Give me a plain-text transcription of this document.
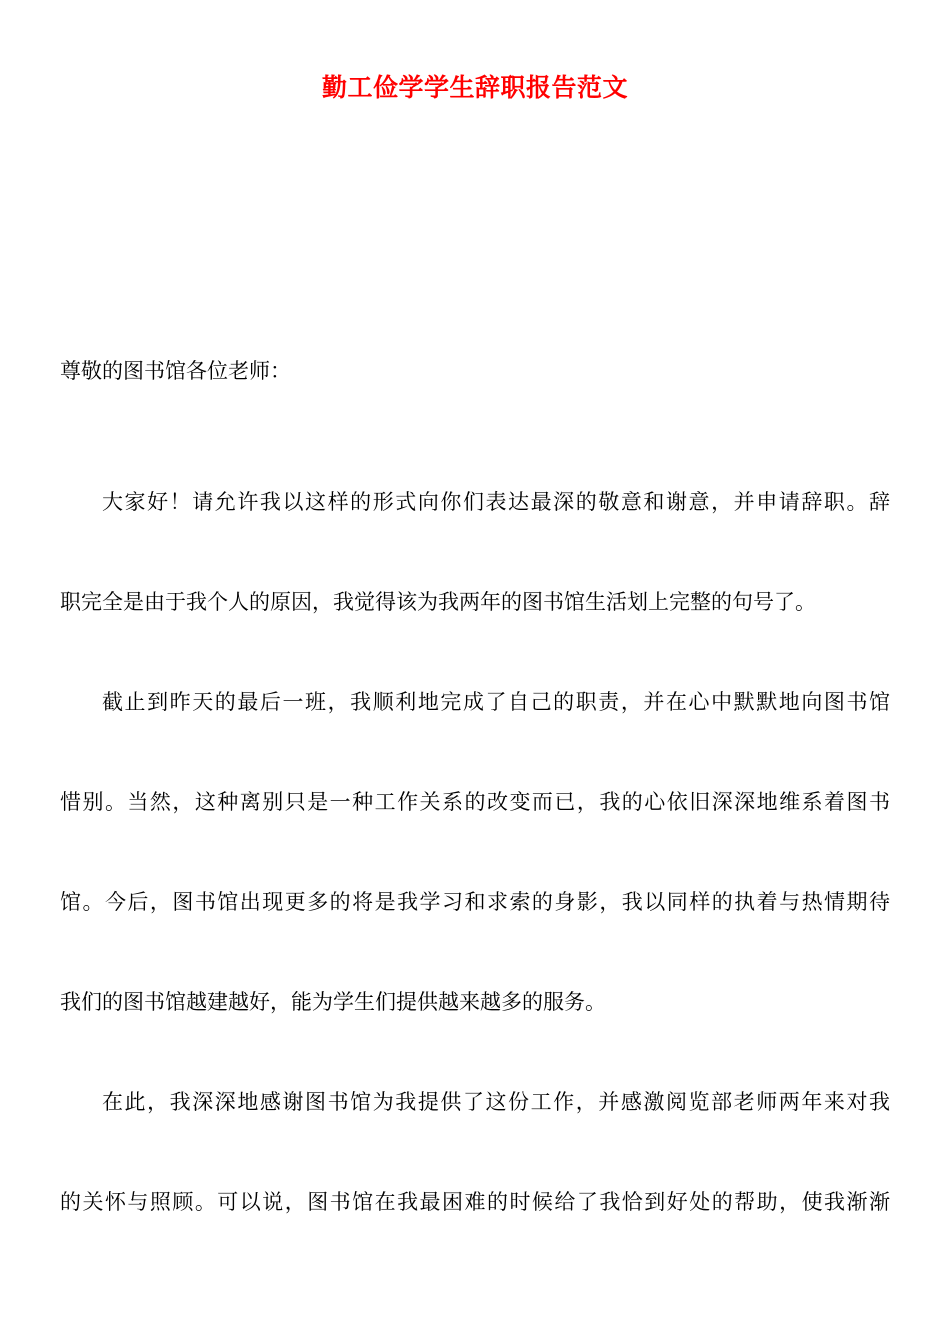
勤工俭学学生辞职报告范文
尊敬的图书馆各位老师：
大家好！请允许我以这样的形式向你们表达最深的敬意和谢意，并申请辞职。辞
职完全是由于我个人的原因，我觉得该为我两年的图书馆生活划上完整的句号了。
截止到昨天的最后一班，我顺利地完成了自己的职责，并在心中默默地向图书馆
惜别。当然，这种离别只是一种工作关系的改变而已，我的心依旧深深地维系着图书
馆。今后，图书馆出现更多的将是我学习和求索的身影，我以同样的执着与热情期待
我们的图书馆越建越好，能为学生们提供越来越多的服务。
在此，我深深地感谢图书馆为我提供了这份工作，并感激阅览部老师两年来对我
的关怀与照顾。可以说，图书馆在我最困难的时候给了我恰到好处的帮助，使我渐渐
